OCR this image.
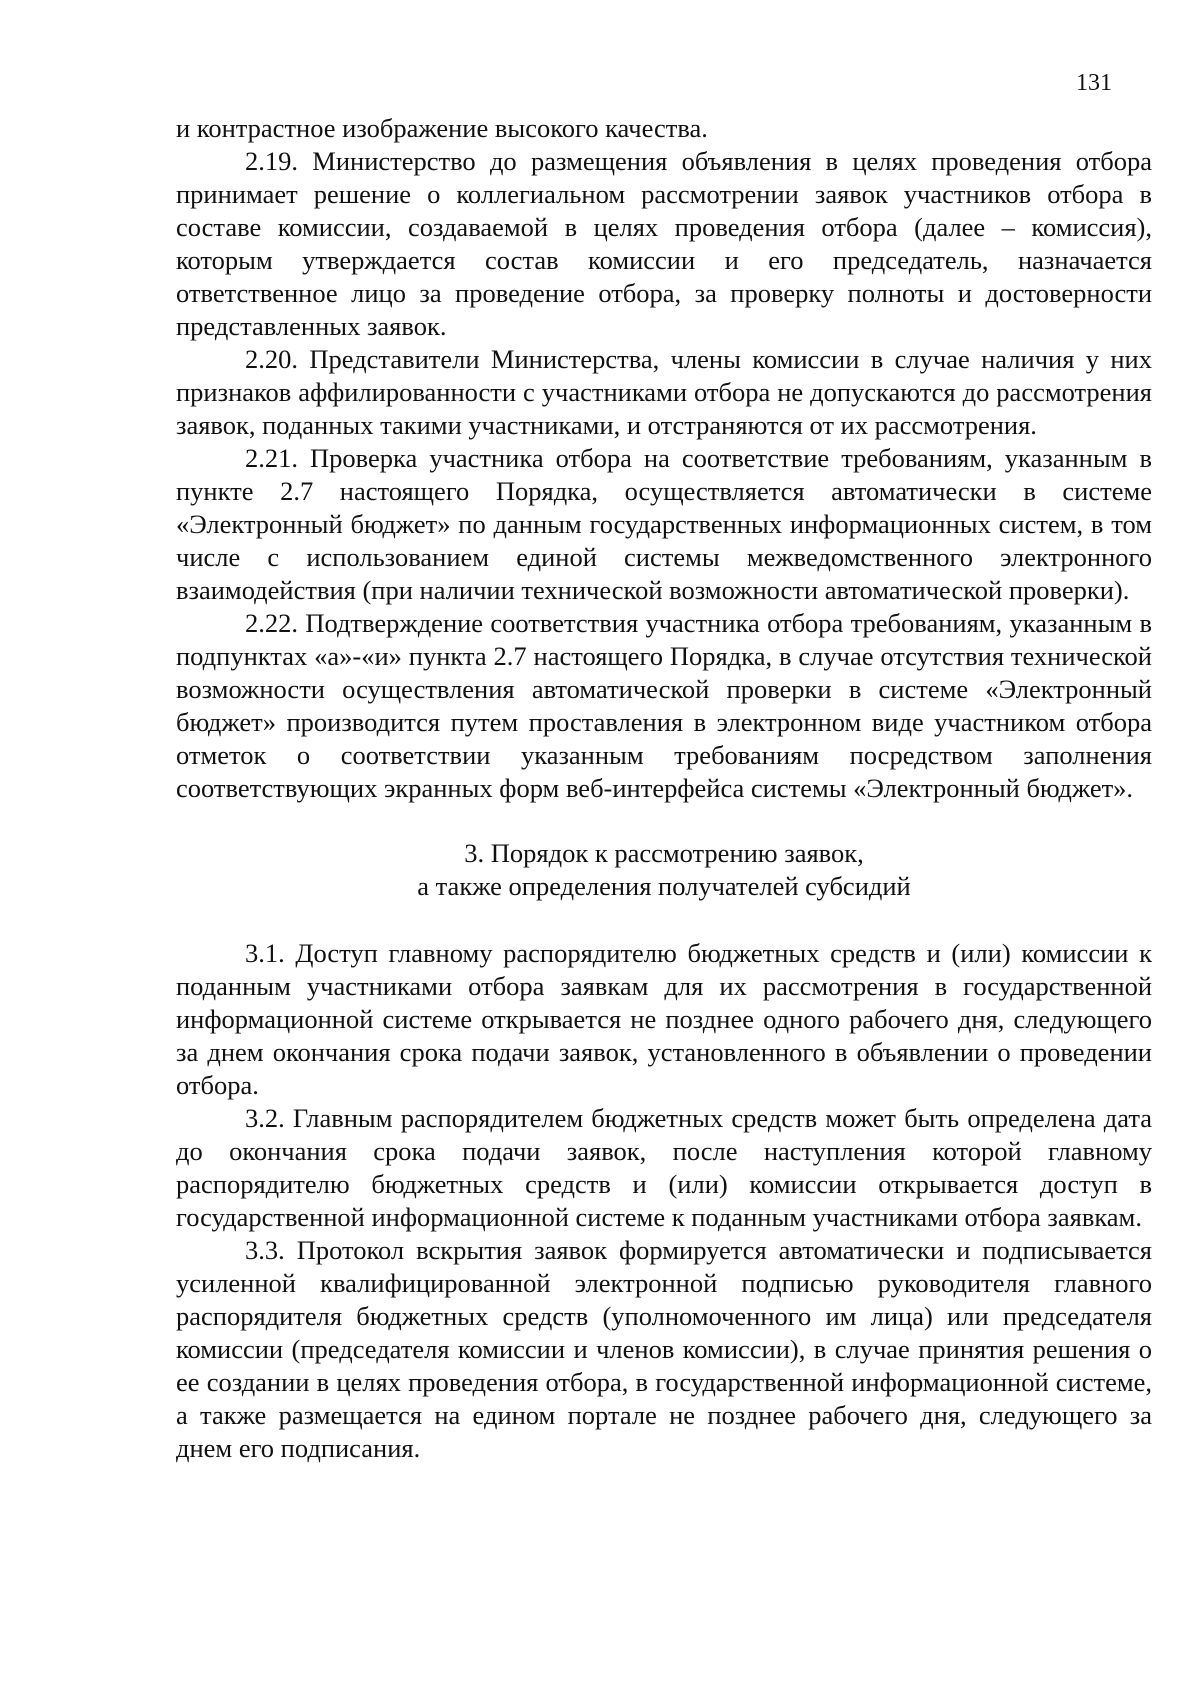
131

и контрастное изображение высокого качества.

2.19. Министерство до размещения объявления в целях проведения отбора принимает решение о коллегиальном рассмотрении заявок участников отбора в составе комиссии, создаваемой в целях проведения отбора (далее – комиссия), которым утверждается состав комиссии и его председатель, назначается ответственное лицо за проведение отбора, за проверку полноты и достоверности представленных заявок.

2.20. Представители Министерства, члены комиссии в случае наличия у них признаков аффилированности с участниками отбора не допускаются до рассмотрения заявок, поданных такими участниками, и отстраняются от их рассмотрения.

2.21. Проверка участника отбора на соответствие требованиям, указанным в пункте 2.7 настоящего Порядка, осуществляется автоматически в системе «Электронный бюджет» по данным государственных информационных систем, в том числе с использованием единой системы межведомственного электронного взаимодействия (при наличии технической возможности автоматической проверки).

2.22. Подтверждение соответствия участника отбора требованиям, указанным в подпунктах «а»-«и» пункта 2.7 настоящего Порядка, в случае отсутствия технической возможности осуществления автоматической проверки в системе «Электронный бюджет» производится путем проставления в электронном виде участником отбора отметок о соответствии указанным требованиям посредством заполнения соответствующих экранных форм веб-интерфейса системы «Электронный бюджет».

3. Порядок к рассмотрению заявок,
а также определения получателей субсидий

3.1. Доступ главному распорядителю бюджетных средств и (или) комиссии к поданным участниками отбора заявкам для их рассмотрения в государственной информационной системе открывается не позднее одного рабочего дня, следующего за днем окончания срока подачи заявок, установленного в объявлении о проведении отбора.

3.2. Главным распорядителем бюджетных средств может быть определена дата до окончания срока подачи заявок, после наступления которой главному распорядителю бюджетных средств и (или) комиссии открывается доступ в государственной информационной системе к поданным участниками отбора заявкам.

3.3. Протокол вскрытия заявок формируется автоматически и подписывается усиленной квалифицированной электронной подписью руководителя главного распорядителя бюджетных средств (уполномоченного им лица) или председателя комиссии (председателя комиссии и членов комиссии), в случае принятия решения о ее создании в целях проведения отбора, в государственной информационной системе, а также размещается на едином портале не позднее рабочего дня, следующего за днем его подписания.
